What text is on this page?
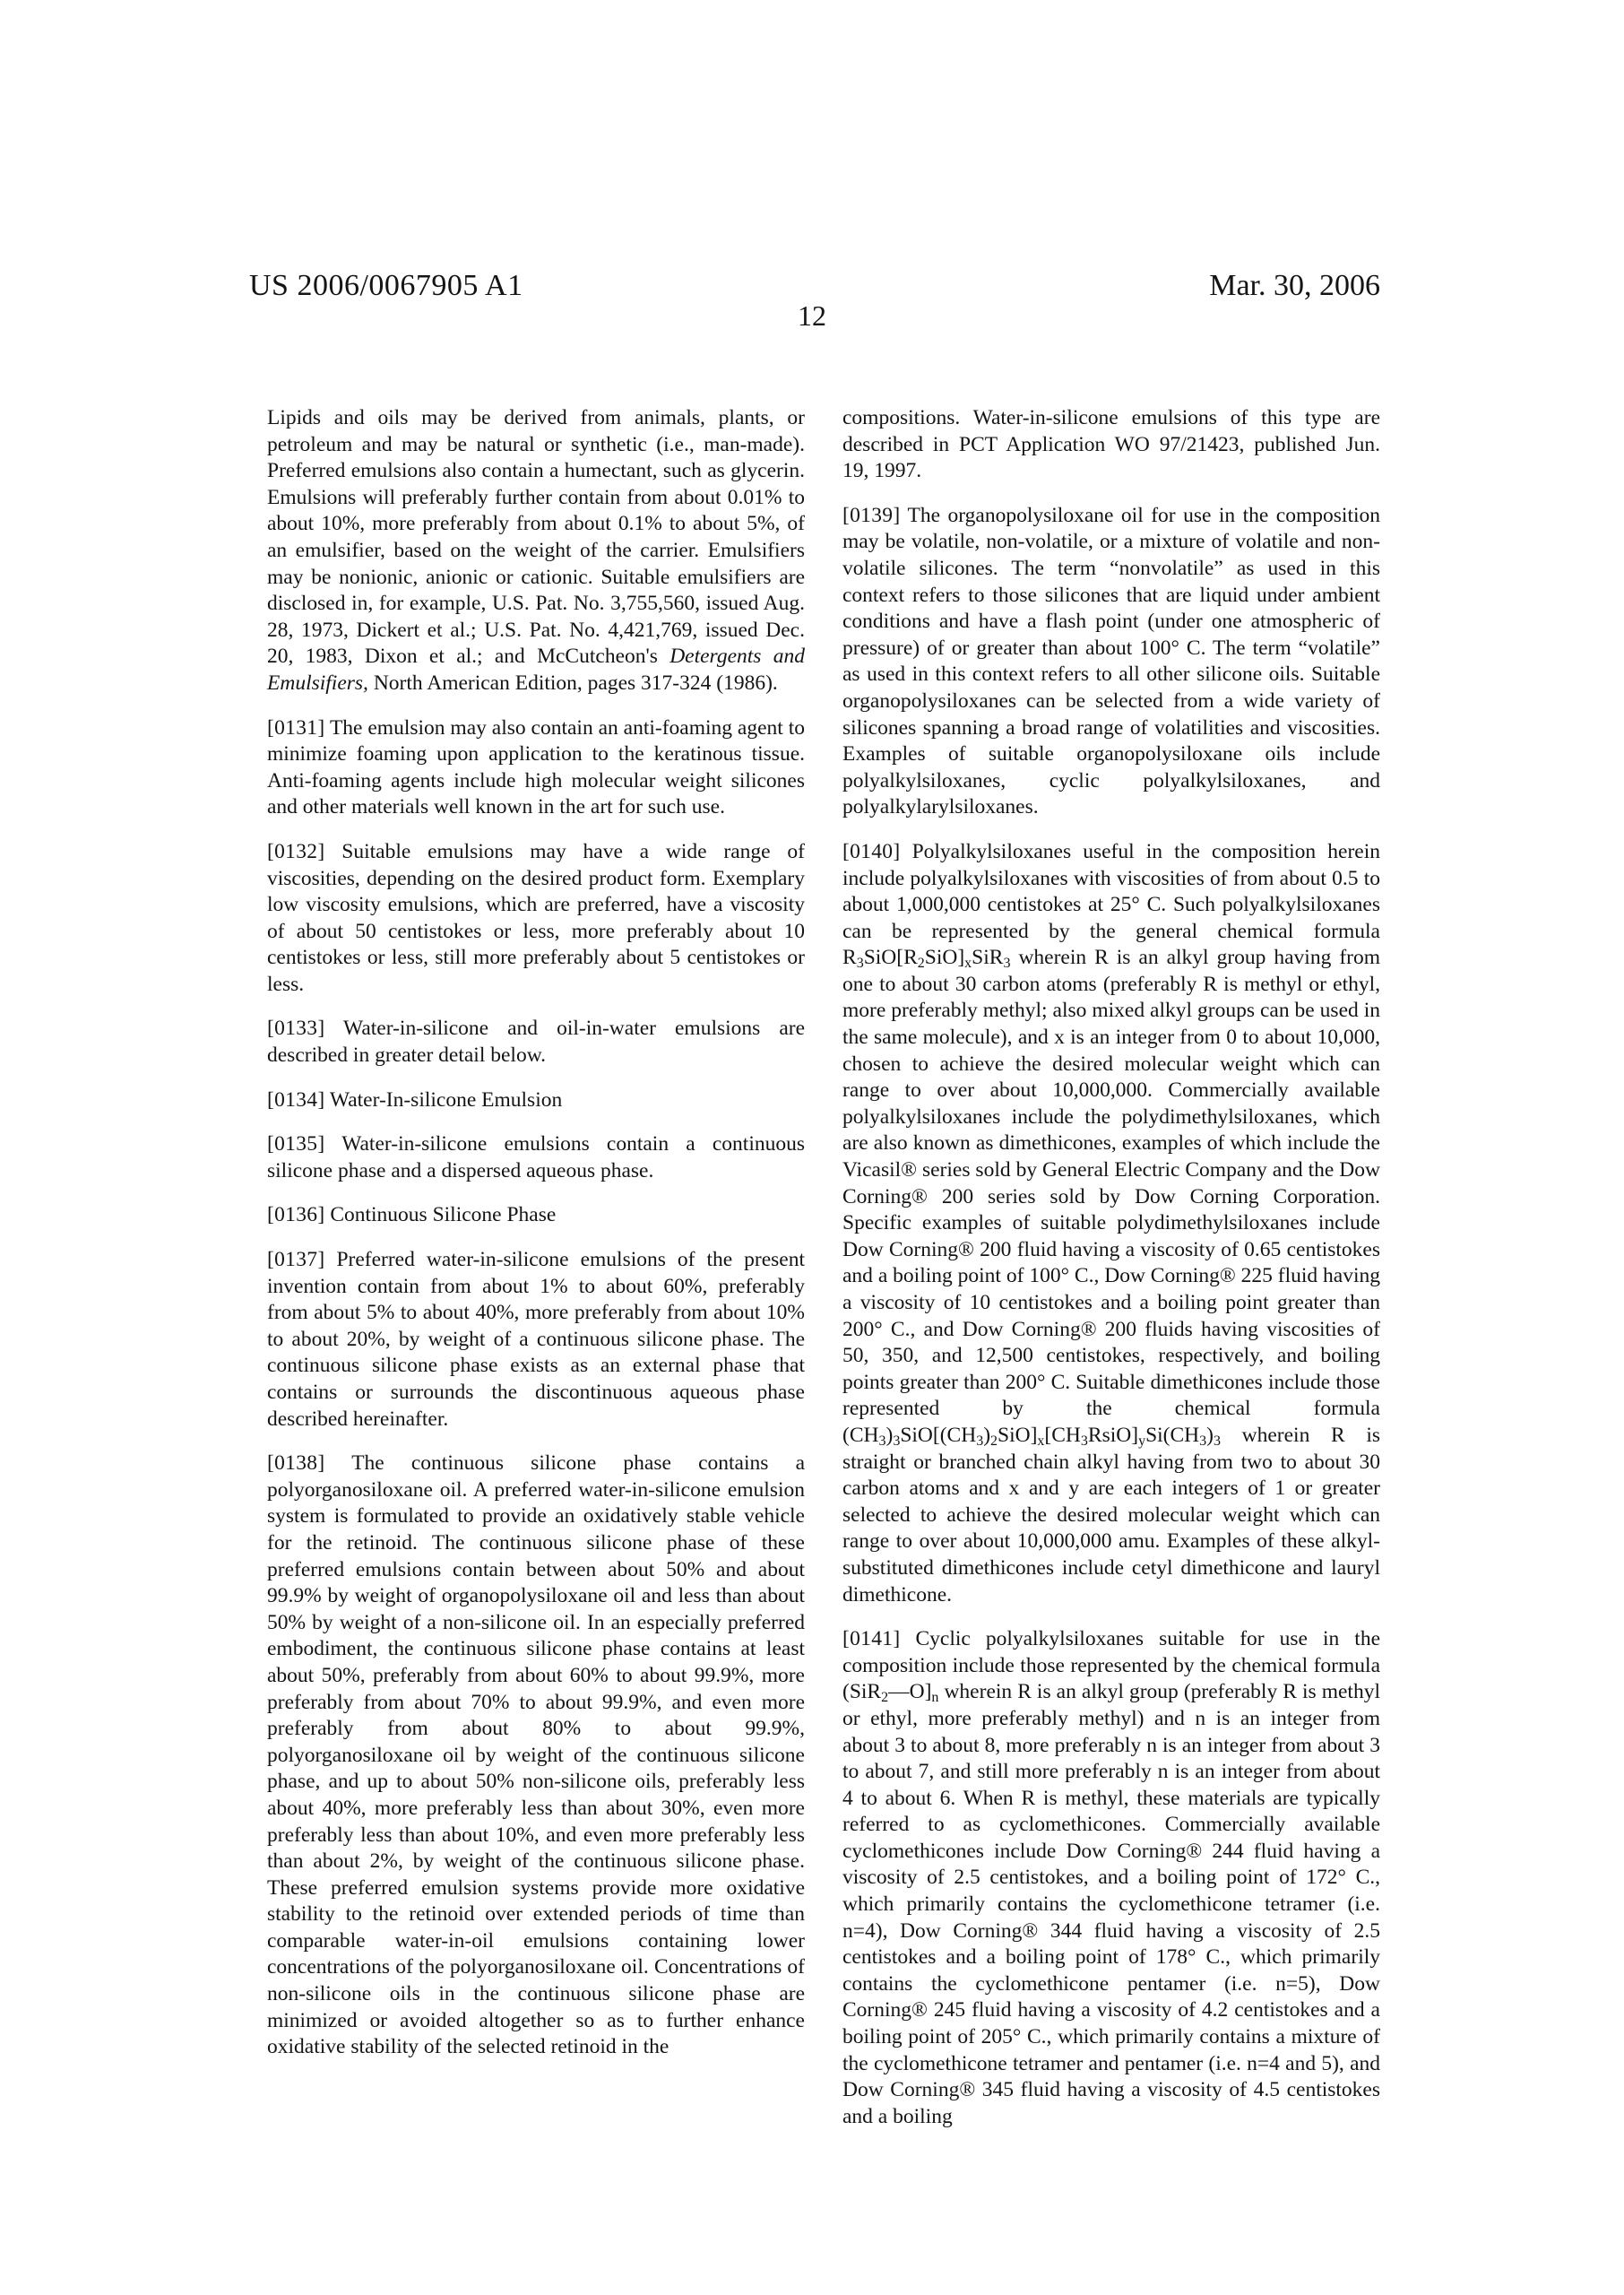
US 2006/0067905 A1	Mar. 30, 2006
12

Lipids and oils may be derived from animals, plants, or petroleum and may be natural or synthetic (i.e., man-made). Preferred emulsions also contain a humectant, such as glycerin. Emulsions will preferably further contain from about 0.01% to about 10%, more preferably from about 0.1% to about 5%, of an emulsifier, based on the weight of the carrier. Emulsifiers may be nonionic, anionic or cationic. Suitable emulsifiers are disclosed in, for example, U.S. Pat. No. 3,755,560, issued Aug. 28, 1973, Dickert et al.; U.S. Pat. No. 4,421,769, issued Dec. 20, 1983, Dixon et al.; and McCutcheon's Detergents and Emulsifiers, North American Edition, pages 317-324 (1986).

[0131] The emulsion may also contain an anti-foaming agent to minimize foaming upon application to the keratinous tissue. Anti-foaming agents include high molecular weight silicones and other materials well known in the art for such use.

[0132] Suitable emulsions may have a wide range of viscosities, depending on the desired product form. Exemplary low viscosity emulsions, which are preferred, have a viscosity of about 50 centistokes or less, more preferably about 10 centistokes or less, still more preferably about 5 centistokes or less.

[0133] Water-in-silicone and oil-in-water emulsions are described in greater detail below.

[0134] Water-In-silicone Emulsion

[0135] Water-in-silicone emulsions contain a continuous silicone phase and a dispersed aqueous phase.

[0136] Continuous Silicone Phase

[0137] Preferred water-in-silicone emulsions of the present invention contain from about 1% to about 60%, preferably from about 5% to about 40%, more preferably from about 10% to about 20%, by weight of a continuous silicone phase. The continuous silicone phase exists as an external phase that contains or surrounds the discontinuous aqueous phase described hereinafter.

[0138] The continuous silicone phase contains a polyorganosiloxane oil. A preferred water-in-silicone emulsion system is formulated to provide an oxidatively stable vehicle for the retinoid. The continuous silicone phase of these preferred emulsions contain between about 50% and about 99.9% by weight of organopolysiloxane oil and less than about 50% by weight of a non-silicone oil. In an especially preferred embodiment, the continuous silicone phase contains at least about 50%, preferably from about 60% to about 99.9%, more preferably from about 70% to about 99.9%, and even more preferably from about 80% to about 99.9%, polyorganosiloxane oil by weight of the continuous silicone phase, and up to about 50% non-silicone oils, preferably less about 40%, more preferably less than about 30%, even more preferably less than about 10%, and even more preferably less than about 2%, by weight of the continuous silicone phase. These preferred emulsion systems provide more oxidative stability to the retinoid over extended periods of time than comparable water-in-oil emulsions containing lower concentrations of the polyorganosiloxane oil. Concentrations of non-silicone oils in the continuous silicone phase are minimized or avoided altogether so as to further enhance oxidative stability of the selected retinoid in the

compositions. Water-in-silicone emulsions of this type are described in PCT Application WO 97/21423, published Jun. 19, 1997.

[0139] The organopolysiloxane oil for use in the composition may be volatile, non-volatile, or a mixture of volatile and non-volatile silicones. The term “nonvolatile” as used in this context refers to those silicones that are liquid under ambient conditions and have a flash point (under one atmospheric of pressure) of or greater than about 100° C. The term “volatile” as used in this context refers to all other silicone oils. Suitable organopolysiloxanes can be selected from a wide variety of silicones spanning a broad range of volatilities and viscosities. Examples of suitable organopolysiloxane oils include polyalkylsiloxanes, cyclic polyalkylsiloxanes, and polyalkylarylsiloxanes.

[0140] Polyalkylsiloxanes useful in the composition herein include polyalkylsiloxanes with viscosities of from about 0.5 to about 1,000,000 centistokes at 25° C. Such polyalkylsiloxanes can be represented by the general chemical formula $R_3SiO[R_2SiO]_xSiR_3$ wherein R is an alkyl group having from one to about 30 carbon atoms (preferably R is methyl or ethyl, more preferably methyl; also mixed alkyl groups can be used in the same molecule), and x is an integer from 0 to about 10,000, chosen to achieve the desired molecular weight which can range to over about 10,000,000. Commercially available polyalkylsiloxanes include the polydimethylsiloxanes, which are also known as dimethicones, examples of which include the Vicasil® series sold by General Electric Company and the Dow Corning® 200 series sold by Dow Corning Corporation. Specific examples of suitable polydimethylsiloxanes include Dow Corning® 200 fluid having a viscosity of 0.65 centistokes and a boiling point of 100° C., Dow Corning® 225 fluid having a viscosity of 10 centistokes and a boiling point greater than 200° C., and Dow Corning® 200 fluids having viscosities of 50, 350, and 12,500 centistokes, respectively, and boiling points greater than 200° C. Suitable dimethicones include those represented by the chemical formula $(CH_3)_3SiO[(CH_3)_2SiO]_x[CH_3RsiO]_ySi(CH_3)_3$ wherein R is straight or branched chain alkyl having from two to about 30 carbon atoms and x and y are each integers of 1 or greater selected to achieve the desired molecular weight which can range to over about 10,000,000 amu. Examples of these alkyl-substituted dimethicones include cetyl dimethicone and lauryl dimethicone.

[0141] Cyclic polyalkylsiloxanes suitable for use in the composition include those represented by the chemical formula $(SiR_2—O]_n$ wherein R is an alkyl group (preferably R is methyl or ethyl, more preferably methyl) and n is an integer from about 3 to about 8, more preferably n is an integer from about 3 to about 7, and still more preferably n is an integer from about 4 to about 6. When R is methyl, these materials are typically referred to as cyclomethicones. Commercially available cyclomethicones include Dow Corning® 244 fluid having a viscosity of 2.5 centistokes, and a boiling point of 172° C., which primarily contains the cyclomethicone tetramer (i.e. n=4), Dow Corning® 344 fluid having a viscosity of 2.5 centistokes and a boiling point of 178° C., which primarily contains the cyclomethicone pentamer (i.e. n=5), Dow Corning® 245 fluid having a viscosity of 4.2 centistokes and a boiling point of 205° C., which primarily contains a mixture of the cyclomethicone tetramer and pentamer (i.e. n=4 and 5), and Dow Corning® 345 fluid having a viscosity of 4.5 centistokes and a boiling
